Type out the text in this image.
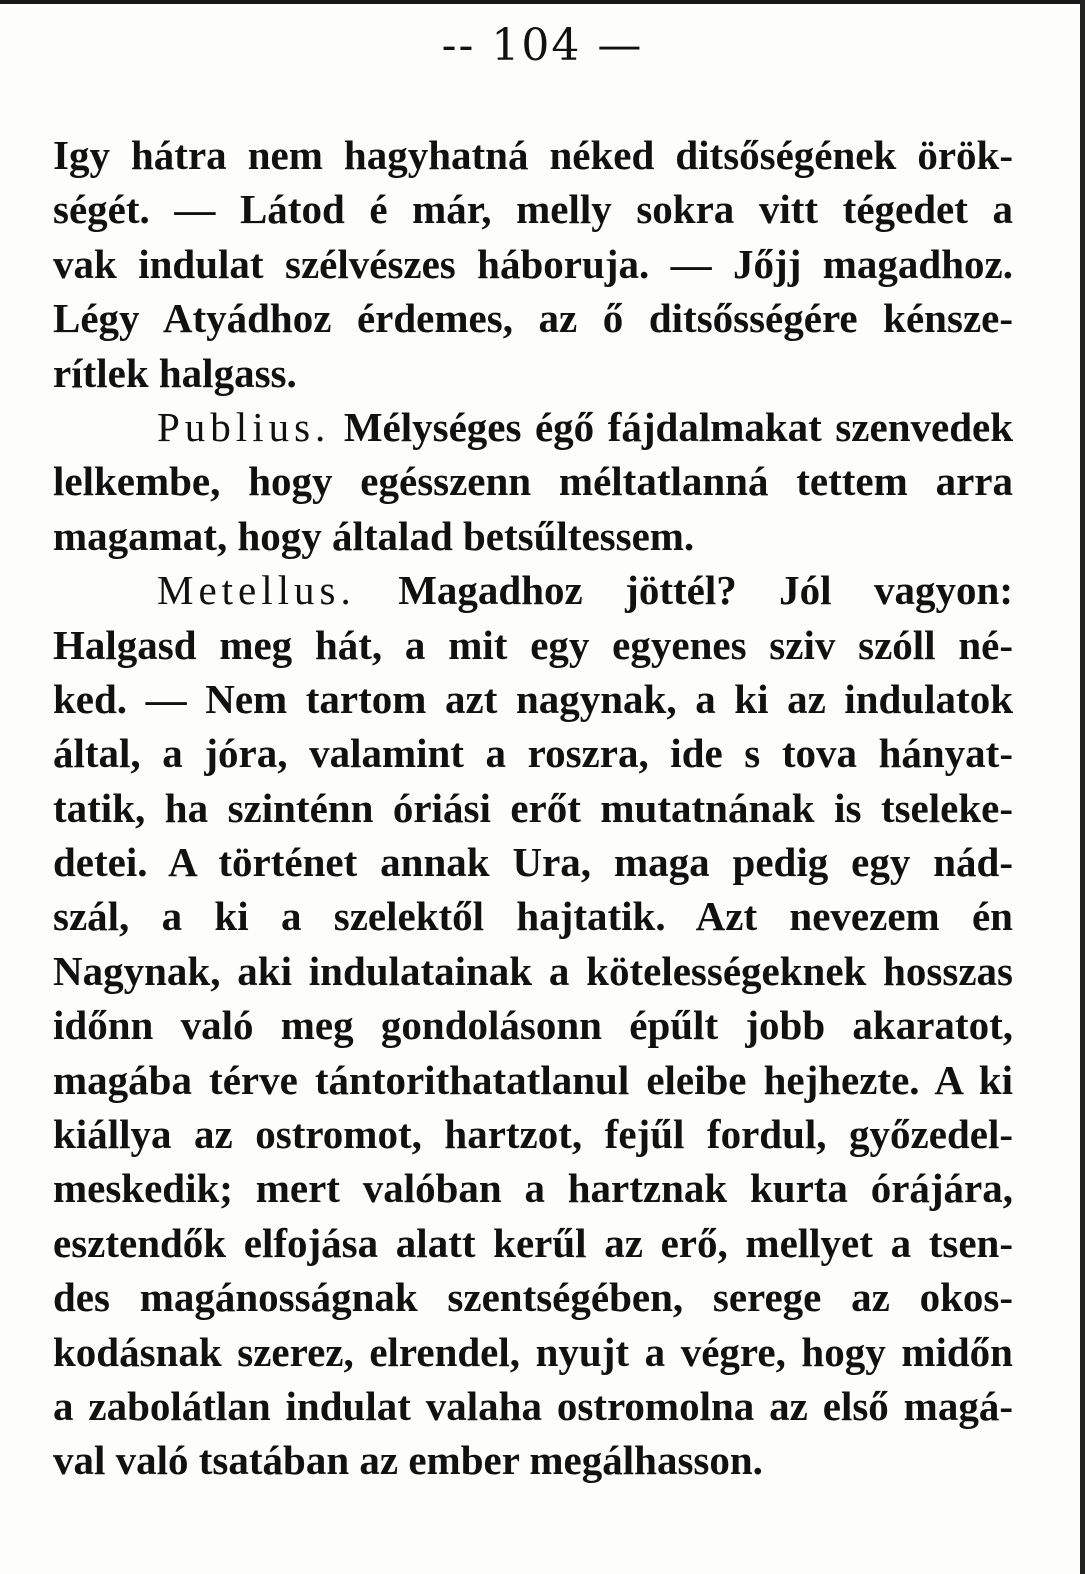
-- 104 —
Igy hátra nem hagyhatná néked ditsőségének örök-
ségét. — Látod é már, melly sokra vitt tégedet a
vak indulat szélvészes háboruja. — Jőjj magadhoz.
Légy Atyádhoz érdemes, az ő ditsősségére kénsze-
rítlek halgass.
Publius. Mélységes égő fájdalmakat szenvedek
lelkembe, hogy egésszenn méltatlanná tettem arra
magamat, hogy általad betsűltessem.
Metellus. Magadhoz jöttél? Jól vagyon:
Halgasd meg hát, a mit egy egyenes sziv szóll né-
ked. — Nem tartom azt nagynak, a ki az indulatok
által, a jóra, valamint a roszra, ide s tova hányat-
tatik, ha szinténn óriási erőt mutatnának is tseleke-
detei. A történet annak Ura, maga pedig egy nád-
szál, a ki a szelektől hajtatik. Azt nevezem én
Nagynak, aki indulatainak a kötelességeknek hosszas
időnn való meg gondolásonn épűlt jobb akaratot,
magába térve tántorithatatlanul eleibe hejhezte. A ki
kiállya az ostromot, hartzot, fejűl fordul, győzedel-
meskedik; mert valóban a hartznak kurta órájára,
esztendők elfojása alatt kerűl az erő, mellyet a tsen-
des magánosságnak szentségében, serege az okos-
kodásnak szerez, elrendel, nyujt a végre, hogy midőn
a zabolátlan indulat valaha ostromolna az első magá-
val való tsatában az ember megálhasson.
